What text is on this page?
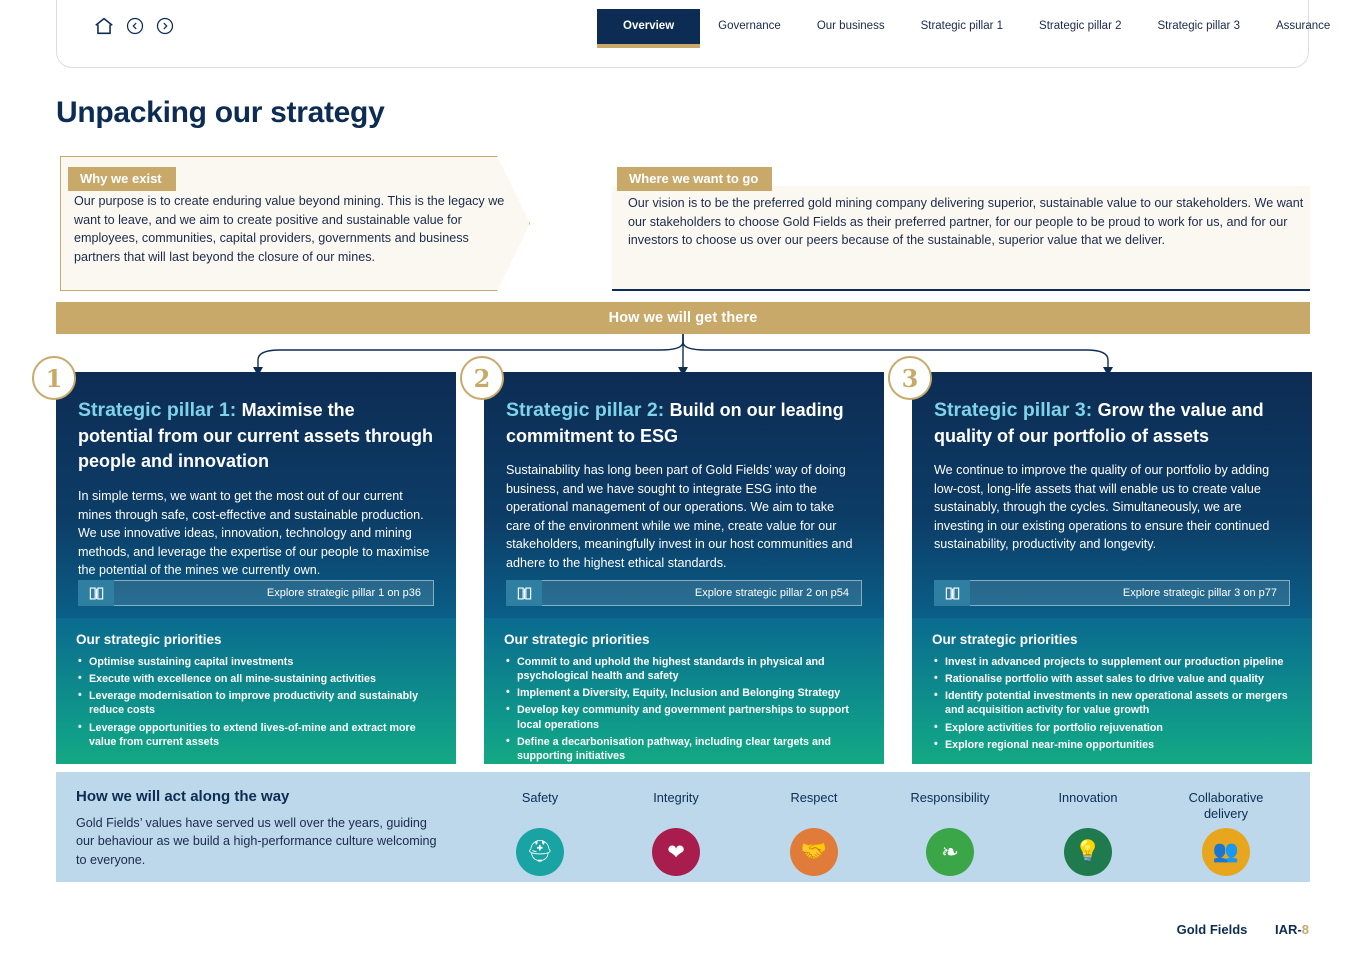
Overview	Governance	Our business	Strategic pillar 1	Strategic pillar 2	Strategic pillar 3	Assurance
Unpacking our strategy
Why we exist
Our purpose is to create enduring value beyond mining. This is the legacy we want to leave, and we aim to create positive and sustainable value for employees, communities, capital providers, governments and business partners that will last beyond the closure of our mines.
Where we want to go
Our vision is to be the preferred gold mining company delivering superior, sustainable value to our stakeholders. We want our stakeholders to choose Gold Fields as their preferred partner, for our people to be proud to work for us, and for our investors to choose us over our peers because of the sustainable, superior value that we deliver.
How we will get there
Strategic pillar 1: Maximise the potential from our current assets through people and innovation
In simple terms, we want to get the most out of our current mines through safe, cost-effective and sustainable production. We use innovative ideas, innovation, technology and mining methods, and leverage the expertise of our people to maximise the potential of the mines we currently own.
Explore strategic pillar 1 on p36
Our strategic priorities
• Optimise sustaining capital investments
• Execute with excellence on all mine-sustaining activities
• Leverage modernisation to improve productivity and sustainably reduce costs
• Leverage opportunities to extend lives-of-mine and extract more value from current assets
1
Strategic pillar 2: Build on our leading commitment to ESG
Sustainability has long been part of Gold Fields’ way of doing business, and we have sought to integrate ESG into the operational management of our operations. We aim to take care of the environment while we mine, create value for our stakeholders, meaningfully invest in our host communities and adhere to the highest ethical standards.
Explore strategic pillar 2 on p54
Our strategic priorities
• Commit to and uphold the highest standards in physical and psychological health and safety
• Implement a Diversity, Equity, Inclusion and Belonging Strategy
• Develop key community and government partnerships to support local operations
• Define a decarbonisation pathway, including clear targets and supporting initiatives
•
2
Strategic pillar 3: Grow the value and quality of our portfolio of assets
We continue to improve the quality of our portfolio by adding low-cost, long-life assets that will enable us to create value sustainably, through the cycles. Simultaneously, we are investing in our existing operations to ensure their continued sustainability, productivity and longevity.
Explore strategic pillar 3 on p77
Our strategic priorities
• Invest in advanced projects to supplement our production pipeline
• Rationalise portfolio with asset sales to drive value and quality
• Identify potential investments in new operational assets or mergers and acquisition activity for value growth
• Explore activities for portfolio rejuvenation
• Explore regional near-mine opportunities
3
How we will act along the way
Gold Fields’ values have served us well over the years, guiding our behaviour as we build a high-performance culture welcoming to everyone.
Safety
⛑
Integrity
❤
Respect
🤝
Responsibility
❧
Innovation
💡
Collaborative delivery
👥
Gold Fields IAR-8
